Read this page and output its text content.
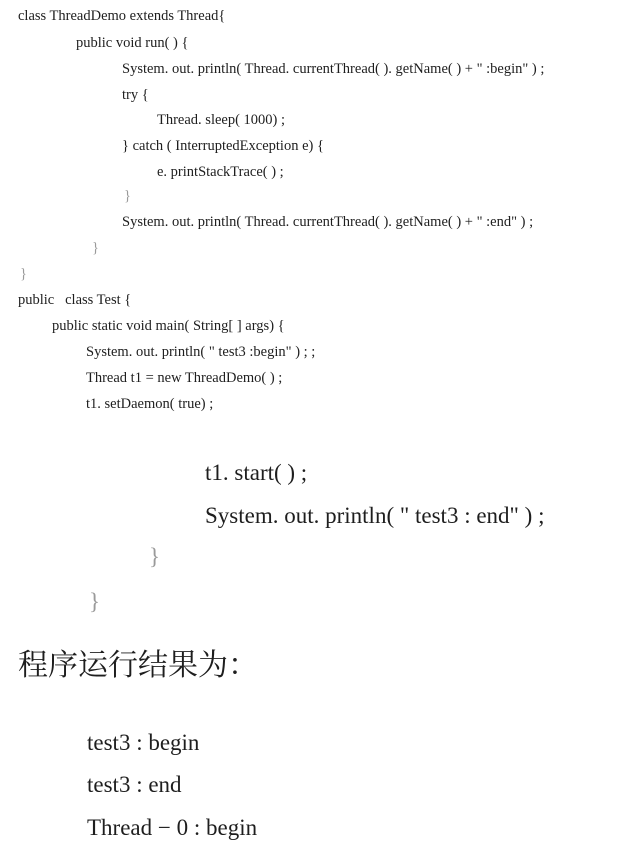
class ThreadDemo extends Thread{
public void run( ) {
System. out. println( Thread. currentThread( ). getName( ) + " :begin" ) ;
try {
Thread. sleep( 1000) ;
} catch ( InterruptedException e) {
e. printStackTrace( ) ;
}
System. out. println( Thread. currentThread( ). getName( ) + " :end" ) ;
}
}
public   class Test {
public static void main( String[ ] args) {
System. out. println( " test3 :begin" ) ; ;
Thread t1 = new ThreadDemo( ) ;
t1. setDaemon( true) ;
t1. start( ) ;
System. out. println( " test3 : end" ) ;
}
}
程序运行结果为：
test3 : begin
test3 : end
Thread − 0 : begin
